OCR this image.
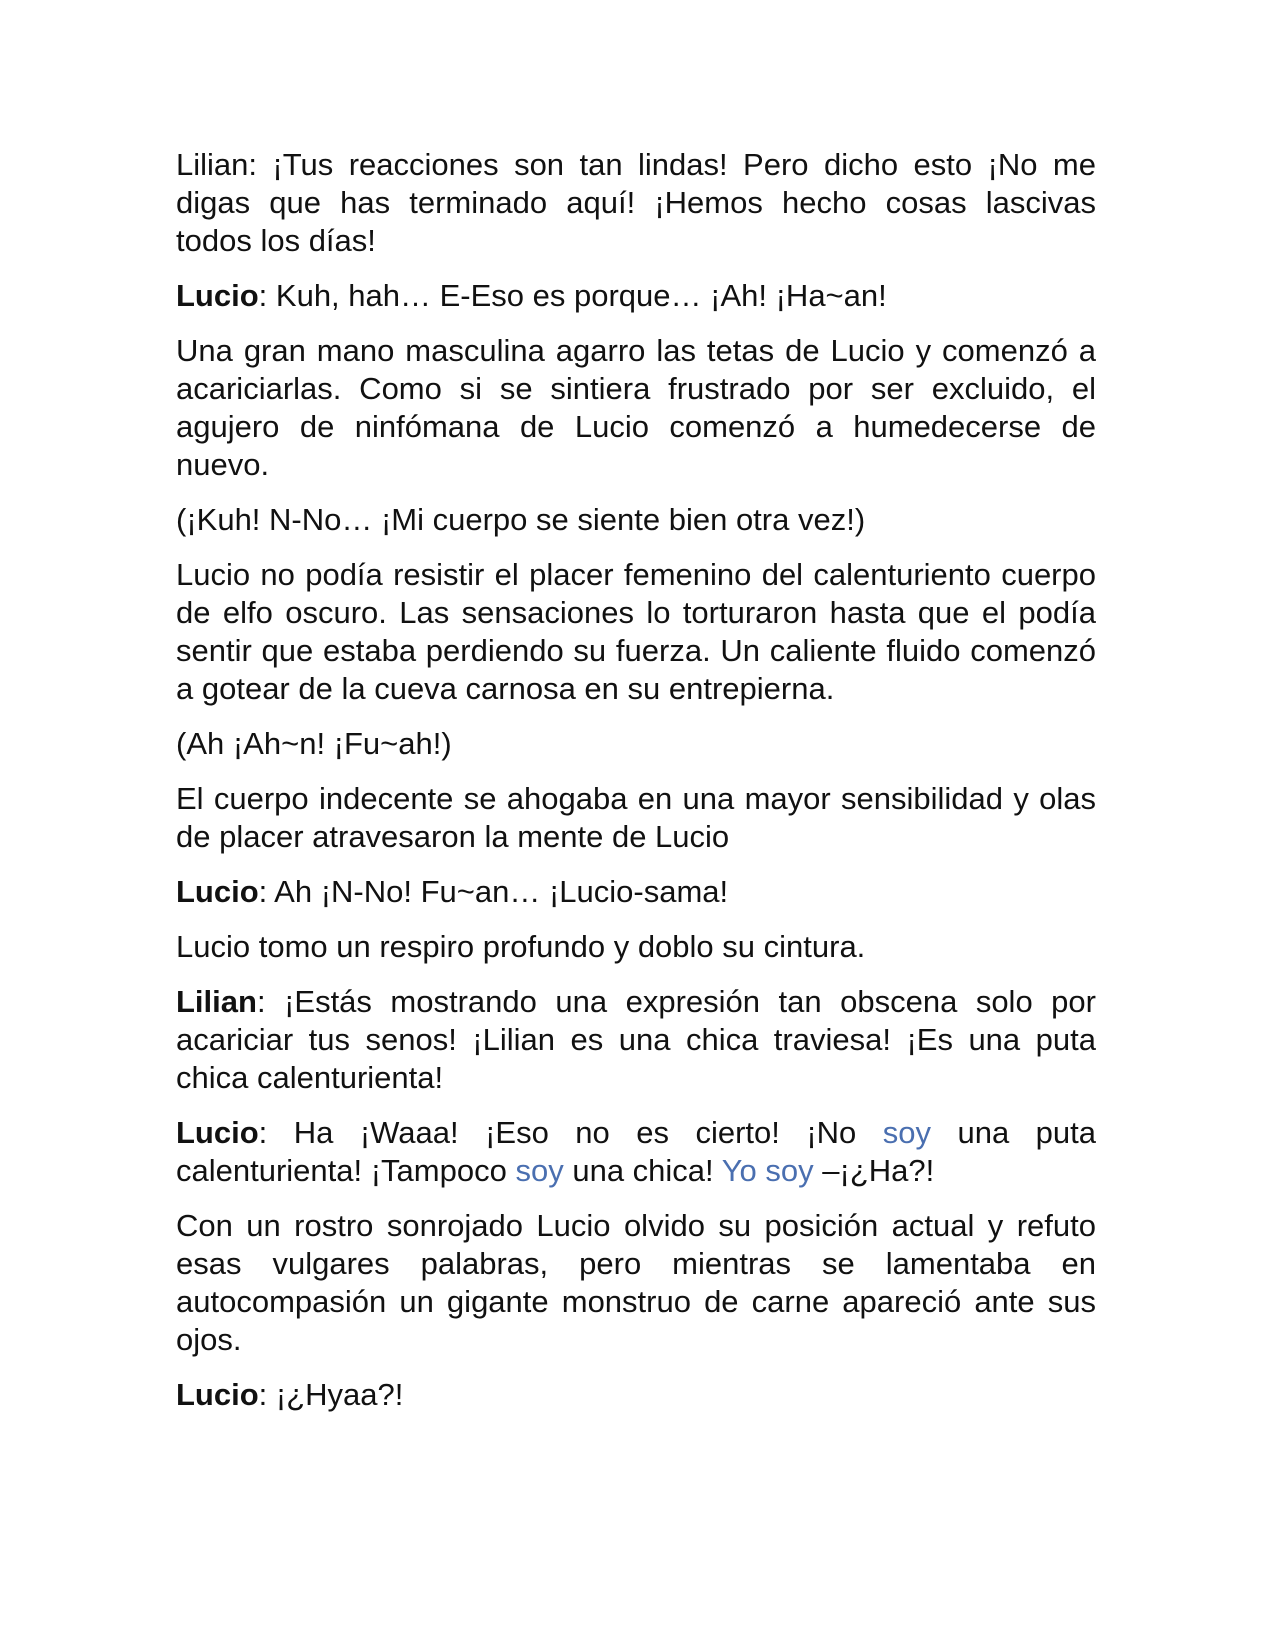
Lilian: ¡Tus reacciones son tan lindas! Pero dicho esto ¡No me digas que has terminado aquí! ¡Hemos hecho cosas lascivas todos los días!

Lucio: Kuh, hah… E-Eso es porque… ¡Ah! ¡Ha~an!

Una gran mano masculina agarro las tetas de Lucio y comenzó a acariciarlas. Como si se sintiera frustrado por ser excluido, el agujero de ninfómana de Lucio comenzó a humedecerse de nuevo.

(¡Kuh! N-No… ¡Mi cuerpo se siente bien otra vez!)

Lucio no podía resistir el placer femenino del calenturiento cuerpo de elfo oscuro. Las sensaciones lo torturaron hasta que el podía sentir que estaba perdiendo su fuerza. Un caliente fluido comenzó a gotear de la cueva carnosa en su entrepierna.

(Ah ¡Ah~n! ¡Fu~ah!)

El cuerpo indecente se ahogaba en una mayor sensibilidad y olas de placer atravesaron la mente de Lucio

Lucio: Ah ¡N-No! Fu~an… ¡Lucio-sama!

Lucio tomo un respiro profundo y doblo su cintura.

Lilian: ¡Estás mostrando una expresión tan obscena solo por acariciar tus senos! ¡Lilian es una chica traviesa! ¡Es una puta chica calenturienta!

Lucio: Ha ¡Waaa! ¡Eso no es cierto! ¡No soy una puta calenturienta! ¡Tampoco soy una chica! Yo soy –¡¿Ha?!

Con un rostro sonrojado Lucio olvido su posición actual y refuto esas vulgares palabras, pero mientras se lamentaba en autocompasión un gigante monstruo de carne apareció ante sus ojos.

Lucio: ¡¿Hyaa?!
